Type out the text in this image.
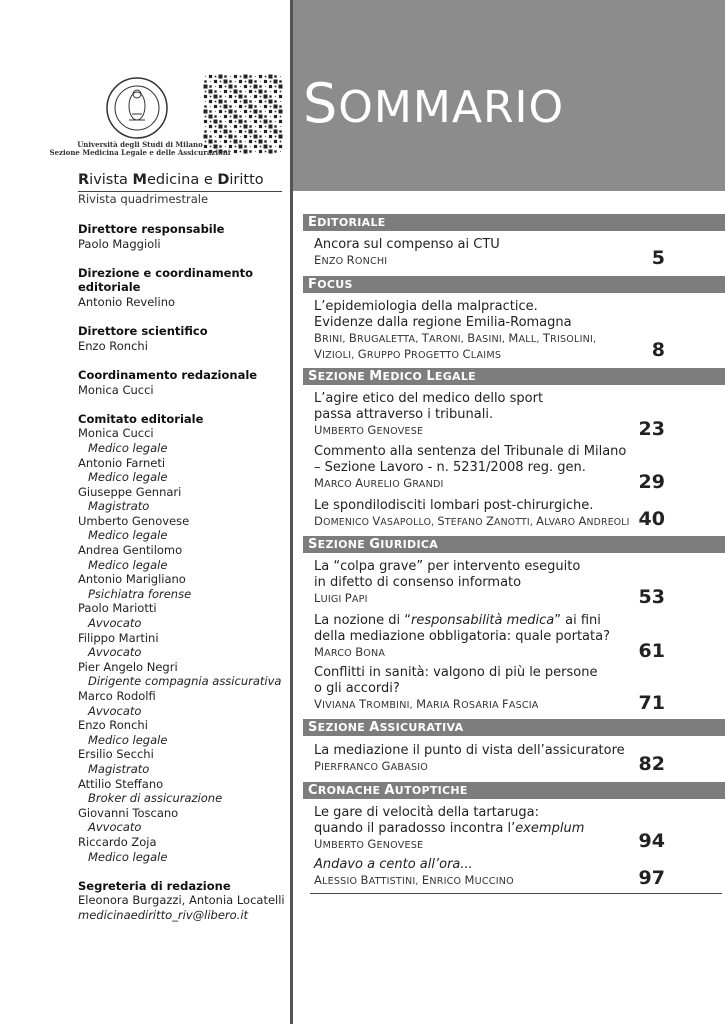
Università degli Studi di Milano
Sezione Medicina Legale e delle Assicurazioni
Rivista Medicina e Diritto
Rivista quadrimestrale
Direttore responsabile
Paolo Maggioli
Direzione e coordinamento
editoriale
Antonio Revelino
Direttore scientifico
Enzo Ronchi
Coordinamento redazionale
Monica Cucci
Comitato editoriale
Monica Cucci
Medico legale
Antonio Farneti
Medico legale
Giuseppe Gennari
Magistrato
Umberto Genovese
Medico legale
Andrea Gentilomo
Medico legale
Antonio Marigliano
Psichiatra forense
Paolo Mariotti
Avvocato
Filippo Martini
Avvocato
Pier Angelo Negri
Dirigente compagnia assicurativa
Marco Rodolfi
Avvocato
Enzo Ronchi
Medico legale
Ersilio Secchi
Magistrato
Attilio Steffano
Broker di assicurazione
Giovanni Toscano
Avvocato
Riccardo Zoja
Medico legale
Segreteria di redazione
Eleonora Burgazzi, Antonia Locatelli
medicinaediritto_riv@libero.it
SOMMARIO
EDITORIALE
FOCUS
SEZIONE MEDICO LEGALE
SEZIONE GIURIDICA
SEZIONE ASSICURATIVA
CRONACHE AUTOPTICHE
Ancora sul compenso ai CTU
ENZO RONCHI	5
L’epidemiologia della malpractice.
Evidenze dalla regione Emilia-Romagna
BRINI, BRUGALETTA, TARONI, BASINI, MALL, TRISOLINI,
VIZIOLI, GRUPPO PROGETTO CLAIMS	8
L’agire etico del medico dello sport
passa attraverso i tribunali.
UMBERTO GENOVESE	23
Commento alla sentenza del Tribunale di Milano
– Sezione Lavoro - n. 5231/2008 reg. gen.
MARCO AURELIO GRANDI	29
Le spondilodisciti lombari post-chirurgiche.
DOMENICO VASAPOLLO, STEFANO ZANOTTI, ALVARO ANDREOLI 40
La “colpa grave” per intervento eseguito
in difetto di consenso informato
LUIGI PAPI	53
La nozione di “responsabilità medica” ai fini
della mediazione obbligatoria: quale portata?
MARCO BONA	61
Conflitti in sanità: valgono di più le persone
o gli accordi?
VIVIANA TROMBINI, MARIA ROSARIA FASCIA	71
La mediazione il punto di vista dell’assicuratore
PIERFRANCO GABASIO	82
Le gare di velocità della tartaruga:
quando il paradosso incontra l’exemplum
UMBERTO GENOVESE	94
Andavo a cento all’ora...
ALESSIO BATTISTINI, ENRICO MUCCINO	97
